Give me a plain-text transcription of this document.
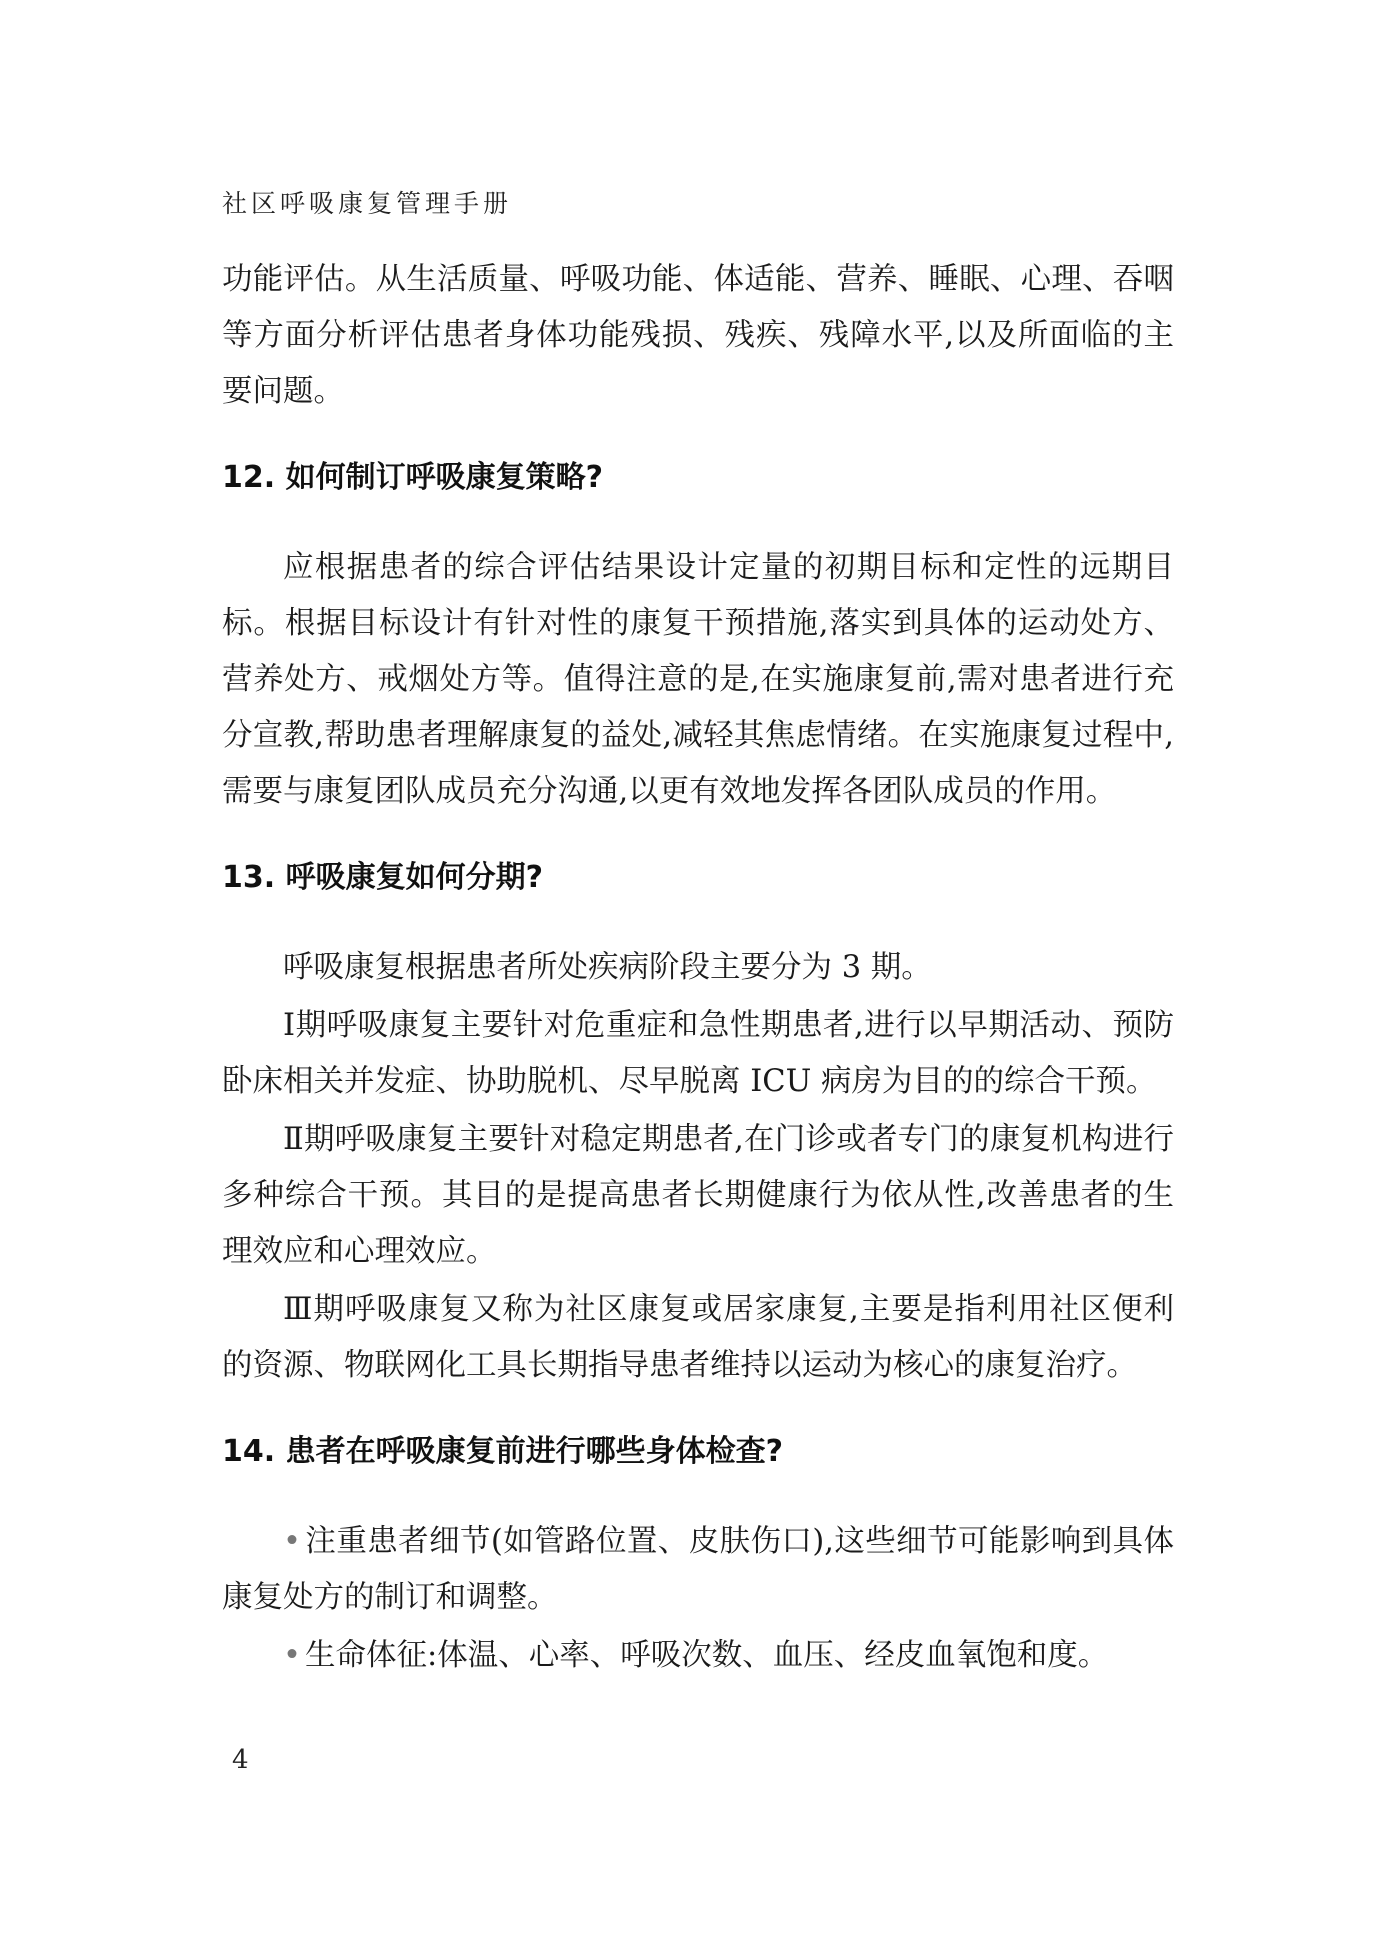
社区呼吸康复管理手册

功能评估。从生活质量、呼吸功能、体适能、营养、睡眠、心理、吞咽等方面分析评估患者身体功能残损、残疾、残障水平,以及所面临的主要问题。

12. 如何制订呼吸康复策略?

应根据患者的综合评估结果设计定量的初期目标和定性的远期目标。根据目标设计有针对性的康复干预措施,落实到具体的运动处方、营养处方、戒烟处方等。值得注意的是,在实施康复前,需对患者进行充分宣教,帮助患者理解康复的益处,减轻其焦虑情绪。在实施康复过程中,需要与康复团队成员充分沟通,以更有效地发挥各团队成员的作用。

13. 呼吸康复如何分期?

呼吸康复根据患者所处疾病阶段主要分为 3 期。

Ⅰ期呼吸康复主要针对危重症和急性期患者,进行以早期活动、预防卧床相关并发症、协助脱机、尽早脱离 ICU 病房为目的的综合干预。

Ⅱ期呼吸康复主要针对稳定期患者,在门诊或者专门的康复机构进行多种综合干预。其目的是提高患者长期健康行为依从性,改善患者的生理效应和心理效应。

Ⅲ期呼吸康复又称为社区康复或居家康复,主要是指利用社区便利的资源、物联网化工具长期指导患者维持以运动为核心的康复治疗。

14. 患者在呼吸康复前进行哪些身体检查?

• 注重患者细节(如管路位置、皮肤伤口),这些细节可能影响到具体康复处方的制订和调整。

• 生命体征:体温、心率、呼吸次数、血压、经皮血氧饱和度。

4
